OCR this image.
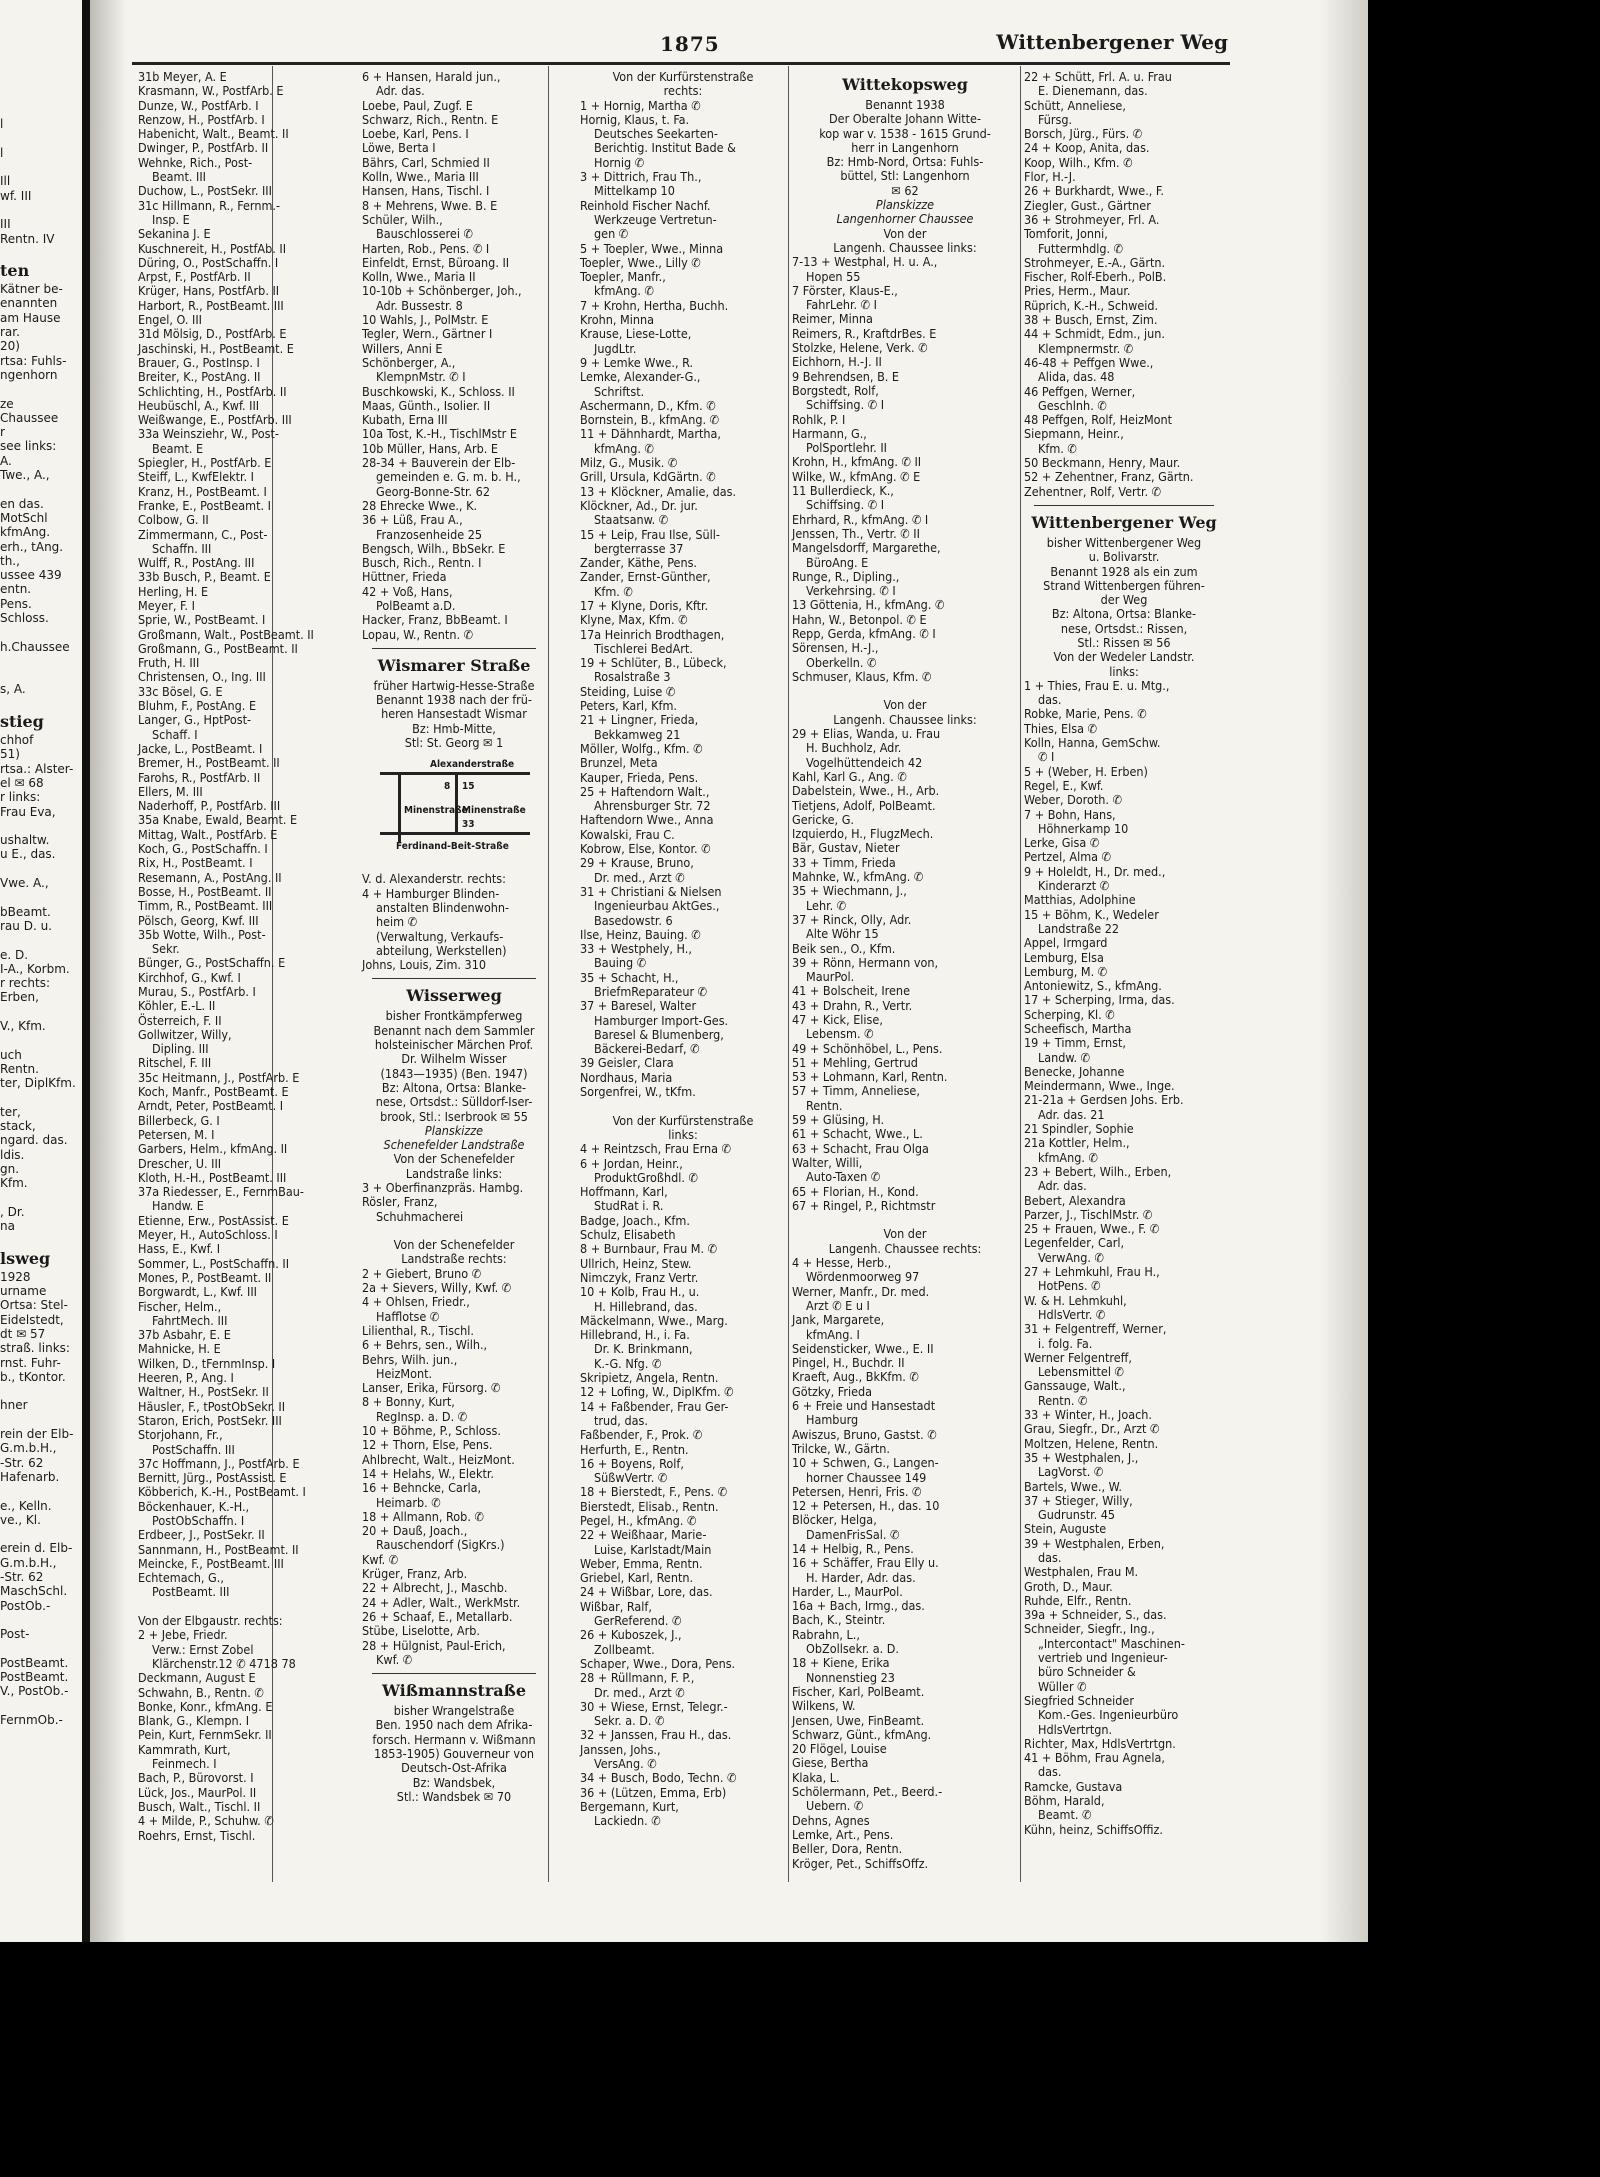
l

l

Ill
wf. III

III
Rentn. IV

ten
Kätner be-
enannten
am Hause
rar.
20)
rtsa: Fuhls-
ngenhorn

ze
Chaussee
r
see links:
A.
Twe., A.,

en das.
MotSchl
kfmAng.
erh., tAng.
th.,
ussee 439
entn.
Pens.
Schloss.

h.Chaussee

s, A.

stieg
chhof
51)
rtsa.: Alster-
el ✉ 68
r links:
Frau Eva,

ushaltw.
u E., das.

Vwe. A.,

bBeamt.
rau D. u.

e. D.
I-A., Korbm.
r rechts:
Erben,

V., Kfm.

uch
Rentn.
ter, DiplKfm.

ter,
stack,
ngard. das.
ldis.
gn.
Kfm.

, Dr.
na

lsweg
1928
urname
Ortsa: Stel-
Eidelstedt,
dt ✉ 57
straß. links:
rnst. Fuhr-
b., tKontor.

hner

rein der Elb-
G.m.b.H.,
-Str. 62
Hafenarb.

e., Kelln.
ve., Kl.

erein d. Elb-
G.m.b.H.,
-Str. 62
MaschSchl.
PostOb.-

Post-

PostBeamt.
PostBeamt.
V., PostOb.-

FernmOb.-
1875	Wittenbergener Weg
31b Meyer, A. E
Krasmann, W., PostfArb. E
Dunze, W., PostfArb. I
Renzow, H., PostfArb. I
Habenicht, Walt., Beamt. II
Dwinger, P., PostfArb. II
Wehnke, Rich., Post-
Beamt. III
Duchow, L., PostSekr. III
31c Hillmann, R., Fernm.-
Insp. E
Sekanina J. E
Kuschnereit, H., PostfAb. II
Düring, O., PostSchaffn. I
Arpst, F., PostfArb. II
Krüger, Hans, PostfArb. II
Harbort, R., PostBeamt. III
Engel, O. III
31d Mölsig, D., PostfArb. E
Jaschinski, H., PostBeamt. E
Brauer, G., PostInsp. I
Breiter, K., PostAng. II
Schlichting, H., PostfArb. II
Heubüschl, A., Kwf. III
Weißwange, E., PostfArb. III
33a Weinsziehr, W., Post-
Beamt. E
Spiegler, H., PostfArb. E
Steiff, L., KwfElektr. I
Kranz, H., PostBeamt. I
Franke, E., PostBeamt. I
Colbow, G. II
Zimmermann, C., Post-
Schaffn. III
Wulff, R., PostAng. III
33b Busch, P., Beamt. E
Herling, H. E
Meyer, F. I
Sprie, W., PostBeamt. I
Großmann, Walt., PostBeamt. II
Großmann, G., PostBeamt. II
Fruth, H. III
Christensen, O., Ing. III
33c Bösel, G. E
Bluhm, F., PostAng. E
Langer, G., HptPost-
Schaff. I
Jacke, L., PostBeamt. I
Bremer, H., PostBeamt. II
Farohs, R., PostfArb. II
Ellers, M. III
Naderhoff, P., PostfArb. III
35a Knabe, Ewald, Beamt. E
Mittag, Walt., PostfArb. E
Koch, G., PostSchaffn. I
Rix, H., PostBeamt. I
Resemann, A., PostAng. II
Bosse, H., PostBeamt. II
Timm, R., PostBeamt. III
Pölsch, Georg, Kwf. III
35b Wotte, Wilh., Post-
Sekr.
Bünger, G., PostSchaffn. E
Kirchhof, G., Kwf. I
Murau, S., PostfArb. I
Köhler, E.-L. II
Österreich, F. II
Gollwitzer, Willy,
Dipling. III
Ritschel, F. III
35c Heitmann, J., PostfArb. E
Koch, Manfr., PostBeamt. E
Arndt, Peter, PostBeamt. I
Billerbeck, G. I
Petersen, M. I
Garbers, Helm., kfmAng. II
Drescher, U. III
Kloth, H.-H., PostBeamt. III
37a Riedesser, E., FernmBau-
Handw. E
Etienne, Erw., PostAssist. E
Meyer, H., AutoSchloss. I
Hass, E., Kwf. I
Sommer, L., PostSchaffn. II
Mones, P., PostBeamt. II
Borgwardt, L., Kwf. III
Fischer, Helm.,
FahrtMech. III
37b Asbahr, E. E
Mahnicke, H. E
Wilken, D., tFernmInsp. I
Heeren, P., Ang. I
Waltner, H., PostSekr. II
Häusler, F., tPostObSekr. II
Staron, Erich, PostSekr. III
Storjohann, Fr.,
PostSchaffn. III
37c Hoffmann, J., PostfArb. E
Bernitt, Jürg., PostAssist. E
Köbberich, K.-H., PostBeamt. I
Böckenhauer, K.-H.,
PostObSchaffn. I
Erdbeer, J., PostSekr. II
Sannmann, H., PostBeamt. II
Meincke, F., PostBeamt. III
Echtemach, G.,
PostBeamt. III

Von der Elbgaustr. rechts:
2 + Jebe, Friedr.
Verw.: Ernst Zobel
Klärchenstr.12 ✆ 4718 78
Deckmann, August E
Schwahn, B., Rentn. ✆
Bonke, Konr., kfmAng. E
Blank, G., Klempn. I
Pein, Kurt, FernmSekr. II
Kammrath, Kurt,
Feinmech. I
Bach, P., Bürovorst. I
Lück, Jos., MaurPol. II
Busch, Walt., Tischl. II
4 + Milde, P., Schuhw. ✆
Roehrs, Ernst, Tischl.
6 + Hansen, Harald jun.,
Adr. das.
Loebe, Paul, Zugf. E
Schwarz, Rich., Rentn. E
Loebe, Karl, Pens. I
Löwe, Berta I
Bährs, Carl, Schmied II
Kolln, Wwe., Maria III
Hansen, Hans, Tischl. I
8 + Mehrens, Wwe. B. E
Schüler, Wilh.,
Bauschlosserei ✆
Harten, Rob., Pens. ✆ I
Einfeldt, Ernst, Büroang. II
Kolln, Wwe., Maria II
10-10b + Schönberger, Joh.,
Adr. Bussestr. 8
10 Wahls, J., PolMstr. E
Tegler, Wern., Gärtner I
Willers, Anni E
Schönberger, A.,
KlempnMstr. ✆ I
Buschkowski, K., Schloss. II
Maas, Günth., Isolier. II
Kubath, Erna III
10a Tost, K.-H., TischlMstr E
10b Müller, Hans, Arb. E
28-34 + Bauverein der Elb-
gemeinden e. G. m. b. H.,
Georg-Bonne-Str. 62
28 Ehrecke Wwe., K.
36 + Lüß, Frau A.,
Franzosenheide 25
Bengsch, Wilh., BbSekr. E
Busch, Rich., Rentn. I
Hüttner, Frieda
42 + Voß, Hans,
PolBeamt a.D.
Hacker, Franz, BbBeamt. I
Lopau, W., Rentn. ✆
Wismarer Straße
früher Hartwig-Hesse-Straße
Benannt 1938 nach der frü-
heren Hansestadt Wismar
Bz: Hmb-Mitte,
Stl: St. Georg ✉ 1
Alexanderstraße
Minenstraße
Minenstraße
Ferdinand-Beit-Straße
8 15
33
V. d. Alexanderstr. rechts:
4 + Hamburger Blinden-
anstalten Blindenwohn-
heim ✆
(Verwaltung, Verkaufs-
abteilung, Werkstellen)
Johns, Louis, Zim. 310
Wisserweg
bisher Frontkämpferweg
Benannt nach dem Sammler
holsteinischer Märchen Prof.
Dr. Wilhelm Wisser
(1843—1935) (Ben. 1947)
Bz: Altona, Ortsa: Blanke-
nese, Ortsdst.: Sülldorf-Iser-
brook, Stl.: Iserbrook ✉ 55
Planskizze
Schenefelder Landstraße
Von der Schenefelder
Landstraße links:
3 + Oberfinanzpräs. Hambg.
Rösler, Franz,
Schuhmacherei

Von der Schenefelder
Landstraße rechts:
2 + Giebert, Bruno ✆
2a + Sievers, Willy, Kwf. ✆
4 + Ohlsen, Friedr.,
Hafflotse ✆
Lilienthal, R., Tischl.
6 + Behrs, sen., Wilh.,
Behrs, Wilh. jun.,
HeizMont.
Lanser, Erika, Fürsorg. ✆
8 + Bonny, Kurt,
RegInsp. a. D. ✆
10 + Böhme, P., Schloss.
12 + Thorn, Else, Pens.
Ahlbrecht, Walt., HeizMont.
14 + Helahs, W., Elektr.
16 + Behncke, Carla,
Heimarb. ✆
18 + Allmann, Rob. ✆
20 + Dauß, Joach.,
Rauschendorf (SigKrs.)
Kwf. ✆
Krüger, Franz, Arb.
22 + Albrecht, J., Maschb.
24 + Adler, Walt., WerkMstr.
26 + Schaaf, E., Metallarb.
Stübe, Liselotte, Arb.
28 + Hülgnist, Paul-Erich,
Kwf. ✆
Wißmannstraße
bisher Wrangelstraße
Ben. 1950 nach dem Afrika-
forsch. Hermann v. Wißmann
1853-1905) Gouverneur von
Deutsch-Ost-Afrika
Bz: Wandsbek,
Stl.: Wandsbek ✉ 70
Von der Kurfürstenstraße
rechts:
1 + Hornig, Martha ✆
Hornig, Klaus, t. Fa.
Deutsches Seekarten-
Berichtig. Institut Bade &
Hornig ✆
3 + Dittrich, Frau Th.,
Mittelkamp 10
Reinhold Fischer Nachf.
Werkzeuge Vertretun-
gen ✆
5 + Toepler, Wwe., Minna
Toepler, Wwe., Lilly ✆
Toepler, Manfr.,
kfmAng. ✆
7 + Krohn, Hertha, Buchh.
Krohn, Minna
Krause, Liese-Lotte,
JugdLtr.
9 + Lemke Wwe., R.
Lemke, Alexander-G.,
Schriftst.
Aschermann, D., Kfm. ✆
Bornstein, B., kfmAng. ✆
11 + Dähnhardt, Martha,
kfmAng. ✆
Milz, G., Musik. ✆
Grill, Ursula, KdGärtn. ✆
13 + Klöckner, Amalie, das.
Klöckner, Ad., Dr. jur.
Staatsanw. ✆
15 + Leip, Frau Ilse, Süll-
bergterrasse 37
Zander, Käthe, Pens.
Zander, Ernst-Günther,
Kfm. ✆
17 + Klyne, Doris, Kftr.
Klyne, Max, Kfm. ✆
17a Heinrich Brodthagen,
Tischlerei BedArt.
19 + Schlüter, B., Lübeck,
Rosalstraße 3
Steiding, Luise ✆
Peters, Karl, Kfm.
21 + Lingner, Frieda,
Bekkamweg 21
Möller, Wolfg., Kfm. ✆
Brunzel, Meta
Kauper, Frieda, Pens.
25 + Haftendorn Walt.,
Ahrensburger Str. 72
Haftendorn Wwe., Anna
Kowalski, Frau C.
Kobrow, Else, Kontor. ✆
29 + Krause, Bruno,
Dr. med., Arzt ✆
31 + Christiani & Nielsen
Ingenieurbau AktGes.,
Basedowstr. 6
Ilse, Heinz, Bauing. ✆
33 + Westphely, H.,
Bauing ✆
35 + Schacht, H.,
BriefmReparateur ✆
37 + Baresel, Walter
Hamburger Import-Ges.
Baresel & Blumenberg,
Bäckerei-Bedarf, ✆
39 Geisler, Clara
Nordhaus, Maria
Sorgenfrei, W., tKfm.

Von der Kurfürstenstraße
links:
4 + Reintzsch, Frau Erna ✆
6 + Jordan, Heinr.,
ProduktGroßhdl. ✆
Hoffmann, Karl,
StudRat i. R.
Badge, Joach., Kfm.
Schulz, Elisabeth
8 + Burnbaur, Frau M. ✆
Ullrich, Heinz, Stew.
Nimczyk, Franz Vertr.
10 + Kolb, Frau H., u.
H. Hillebrand, das.
Mäckelmann, Wwe., Marg.
Hillebrand, H., i. Fa.
Dr. K. Brinkmann,
K.-G. Nfg. ✆
Skripietz, Angela, Rentn.
12 + Lofing, W., DiplKfm. ✆
14 + Faßbender, Frau Ger-
trud, das.
Faßbender, F., Prok. ✆
Herfurth, E., Rentn.
16 + Boyens, Rolf,
SüßwVertr. ✆
18 + Bierstedt, F., Pens. ✆
Bierstedt, Elisab., Rentn.
Pegel, H., kfmAng. ✆
22 + Weißhaar, Marie-
Luise, Karlstadt/Main
Weber, Emma, Rentn.
Griebel, Karl, Rentn.
24 + Wißbar, Lore, das.
Wißbar, Ralf,
GerReferend. ✆
26 + Kuboszek, J.,
Zollbeamt.
Schaper, Wwe., Dora, Pens.
28 + Rüllmann, F. P.,
Dr. med., Arzt ✆
30 + Wiese, Ernst, Telegr.-
Sekr. a. D. ✆
32 + Janssen, Frau H., das.
Janssen, Johs.,
VersAng. ✆
34 + Busch, Bodo, Techn. ✆
36 + (Lützen, Emma, Erb)
Bergemann, Kurt,
Lackiedn. ✆
Wittekopsweg
Benannt 1938
Der Oberalte Johann Witte-
kop war v. 1538 - 1615 Grund-
herr in Langenhorn
Bz: Hmb-Nord, Ortsa: Fuhls-
büttel, Stl: Langenhorn
✉ 62
Planskizze
Langenhorner Chaussee
Von der
Langenh. Chaussee links:
7-13 + Westphal, H. u. A.,
Hopen 55
7 Förster, Klaus-E.,
FahrLehr. ✆ I
Reimer, Minna
Reimers, R., KraftdrBes. E
Stolzke, Helene, Verk. ✆
Eichhorn, H.-J. II
9 Behrendsen, B. E
Borgstedt, Rolf,
Schiffsing. ✆ I
Rohlk, P. I
Harmann, G.,
PolSportlehr. II
Krohn, H., kfmAng. ✆ II
Wilke, W., kfmAng. ✆ E
11 Bullerdieck, K.,
Schiffsing. ✆ I
Ehrhard, R., kfmAng. ✆ I
Jenssen, Th., Vertr. ✆ II
Mangelsdorff, Margarethe,
BüroAng. E
Runge, R., Dipling.,
Verkehrsing. ✆ I
13 Göttenia, H., kfmAng. ✆
Hahn, W., Betonpol. ✆ E
Repp, Gerda, kfmAng. ✆ I
Sörensen, H.-J.,
Oberkelln. ✆
Schmuser, Klaus, Kfm. ✆

Von der
Langenh. Chaussee links:
29 + Elias, Wanda, u. Frau
H. Buchholz, Adr.
Vogelhüttendeich 42
Kahl, Karl G., Ang. ✆
Dabelstein, Wwe., H., Arb.
Tietjens, Adolf, PolBeamt.
Gericke, G.
Izquierdo, H., FlugzMech.
Bär, Gustav, Nieter
33 + Timm, Frieda
Mahnke, W., kfmAng. ✆
35 + Wiechmann, J.,
Lehr. ✆
37 + Rinck, Olly, Adr.
Alte Wöhr 15
Beik sen., O., Kfm.
39 + Rönn, Hermann von,
MaurPol.
41 + Bolscheit, Irene
43 + Drahn, R., Vertr.
47 + Kick, Elise,
Lebensm. ✆
49 + Schönhöbel, L., Pens.
51 + Mehling, Gertrud
53 + Lohmann, Karl, Rentn.
57 + Timm, Anneliese,
Rentn.
59 + Glüsing, H.
61 + Schacht, Wwe., L.
63 + Schacht, Frau Olga
Walter, Willi,
Auto-Taxen ✆
65 + Florian, H., Kond.
67 + Ringel, P., Richtmstr

Von der
Langenh. Chaussee rechts:
4 + Hesse, Herb.,
Wördenmoorweg 97
Werner, Manfr., Dr. med.
Arzt ✆ E u I
Jank, Margarete,
kfmAng. I
Seidensticker, Wwe., E. II
Pingel, H., Buchdr. II
Kraeft, Aug., BkKfm. ✆
Götzky, Frieda
6 + Freie und Hansestadt
Hamburg
Awiszus, Bruno, Gastst. ✆
Trilcke, W., Gärtn.
10 + Schwen, G., Langen-
horner Chaussee 149
Petersen, Henri, Fris. ✆
12 + Petersen, H., das. 10
Blöcker, Helga,
DamenFrisSal. ✆
14 + Helbig, R., Pens.
16 + Schäffer, Frau Elly u.
H. Harder, Adr. das.
Harder, L., MaurPol.
16a + Bach, Irmg., das.
Bach, K., Steintr.
Rabrahn, L.,
ObZollsekr. a. D.
18 + Kiene, Erika
Nonnenstieg 23
Fischer, Karl, PolBeamt.
Wilkens, W.
Jensen, Uwe, FinBeamt.
Schwarz, Günt., kfmAng.
20 Flögel, Louise
Giese, Bertha
Klaka, L.
Schölermann, Pet., Beerd.-
Uebern. ✆
Dehns, Agnes
Lemke, Art., Pens.
Beller, Dora, Rentn.
Kröger, Pet., SchiffsOffz.
22 + Schütt, Frl. A. u. Frau
E. Dienemann, das.
Schütt, Anneliese,
Fürsg.
Borsch, Jürg., Fürs. ✆
24 + Koop, Anita, das.
Koop, Wilh., Kfm. ✆
Flor, H.-J.
26 + Burkhardt, Wwe., F.
Ziegler, Gust., Gärtner
36 + Strohmeyer, Frl. A.
Tomforit, Jonni,
Futtermhdlg. ✆
Strohmeyer, E.-A., Gärtn.
Fischer, Rolf-Eberh., PolB.
Pries, Herm., Maur.
Rüprich, K.-H., Schweid.
38 + Busch, Ernst, Zim.
44 + Schmidt, Edm., jun.
Klempnermstr. ✆
46-48 + Peffgen Wwe.,
Alida, das. 48
46 Peffgen, Werner,
Geschlnh. ✆
48 Peffgen, Rolf, HeizMont
Siepmann, Heinr.,
Kfm. ✆
50 Beckmann, Henry, Maur.
52 + Zehentner, Franz, Gärtn.
Zehentner, Rolf, Vertr. ✆
Wittenbergener Weg
bisher Wittenbergener Weg
u. Bolivarstr.
Benannt 1928 als ein zum
Strand Wittenbergen führen-
der Weg
Bz: Altona, Ortsa: Blanke-
nese, Ortsdst.: Rissen,
Stl.: Rissen ✉ 56
Von der Wedeler Landstr.
links:
1 + Thies, Frau E. u. Mtg.,
das.
Robke, Marie, Pens. ✆
Thies, Elsa ✆
Kolln, Hanna, GemSchw.
✆ I
5 + (Weber, H. Erben)
Regel, E., Kwf.
Weber, Doroth. ✆
7 + Bohn, Hans,
Höhnerkamp 10
Lerke, Gisa ✆
Pertzel, Alma ✆
9 + Holeldt, H., Dr. med.,
Kinderarzt ✆
Matthias, Adolphine
15 + Böhm, K., Wedeler
Landstraße 22
Appel, Irmgard
Lemburg, Elsa
Lemburg, M. ✆
Antoniewitz, S., kfmAng.
17 + Scherping, Irma, das.
Scherping, Kl. ✆
Scheefisch, Martha
19 + Timm, Ernst,
Landw. ✆
Benecke, Johanne
Meindermann, Wwe., Inge.
21-21a + Gerdsen Johs. Erb.
Adr. das. 21
21 Spindler, Sophie
21a Kottler, Helm.,
kfmAng. ✆
23 + Bebert, Wilh., Erben,
Adr. das.
Bebert, Alexandra
Parzer, J., TischlMstr. ✆
25 + Frauen, Wwe., F. ✆
Legenfelder, Carl,
VerwAng. ✆
27 + Lehmkuhl, Frau H.,
HotPens. ✆
W. & H. Lehmkuhl,
HdlsVertr. ✆
31 + Felgentreff, Werner,
i. folg. Fa.
Werner Felgentreff,
Lebensmittel ✆
Ganssauge, Walt.,
Rentn. ✆
33 + Winter, H., Joach.
Grau, Siegfr., Dr., Arzt ✆
Moltzen, Helene, Rentn.
35 + Westphalen, J.,
LagVorst. ✆
Bartels, Wwe., W.
37 + Stieger, Willy,
Gudrunstr. 45
Stein, Auguste
39 + Westphalen, Erben,
das.
Westphalen, Frau M.
Groth, D., Maur.
Ruhde, Elfr., Rentn.
39a + Schneider, S., das.
Schneider, Siegfr., Ing.,
„Intercontact" Maschinen-
vertrieb und Ingenieur-
büro Schneider &
Wüller ✆
Siegfried Schneider
Kom.-Ges. Ingenieurbüro
HdlsVertrtgn.
Richter, Max, HdlsVertrtgn.
41 + Böhm, Frau Agnela,
das.
Ramcke, Gustava
Böhm, Harald,
Beamt. ✆
Kühn, heinz, SchiffsOffiz.
